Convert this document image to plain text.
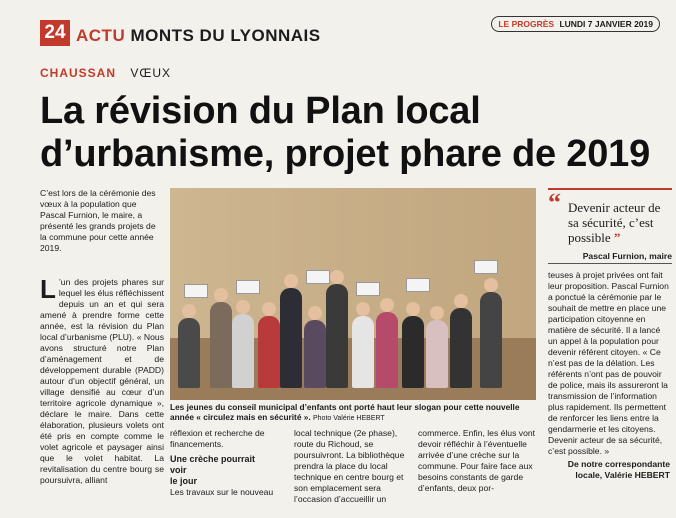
24 ACTU MONTS DU LYONNAIS
LE PROGRÈS LUNDI 7 JANVIER 2019
CHAUSSAN VŒUX
La révision du Plan local
d’urbanisme, projet phare de 2019
C’est lors de la cérémonie des vœux à la population que Pascal Furnion, le maire, a présenté les grands projets de la commune pour cette année 2019.
L ’un des projets phares sur lequel les élus réfléchissent depuis un an et qui sera amené à prendre forme cette année, est la révision du Plan local d’urbanisme (PLU). « Nous avons structuré notre Plan d’aménagement et de développement durable (PADD) autour d’un objectif général, un village densifié au cœur d’un territoire agricole dynamique », déclare le maire. Dans cette élaboration, plusieurs volets ont été pris en compte comme le volet agricole et paysager ainsi que le volet habitat. La revitalisation du centre bourg se poursuivra, alliant
Les jeunes du conseil municipal d’enfants ont porté haut leur slogan pour cette nouvelle année « circulez mais en sécurité ». Photo Valérie HEBERT
réflexion et recherche de financements.
Une crèche pourrait
voir
le jour
Les travaux sur le nouveau
local technique (2e phase), route du Richoud, se poursuivront. La bibliothèque prendra la place du local technique en centre bourg et son emplacement sera l’occasion d’accueillir un
commerce. Enfin, les élus vont devoir réfléchir à l’éventuelle arrivée d’une crèche sur la commune. Pour faire face aux besoins constants de garde d’enfants, deux por-
“ Devenir acteur de sa sécurité, c’est possible ”
Pascal Furnion, maire
teuses à projet privées ont fait leur proposition. Pascal Furnion a ponctué la cérémonie par le souhait de mettre en place une participation citoyenne en matière de sécurité. Il a lancé un appel à la population pour devenir référent citoyen. « Ce n’est pas de la délation. Les référents n’ont pas de pouvoir de police, mais ils assureront la transmission de l’information plus rapidement. Ils permettent de renforcer les liens entre la gendarmerie et les citoyens. Devenir acteur de sa sécurité, c’est possible. »
De notre correspondante locale, Valérie HEBERT
